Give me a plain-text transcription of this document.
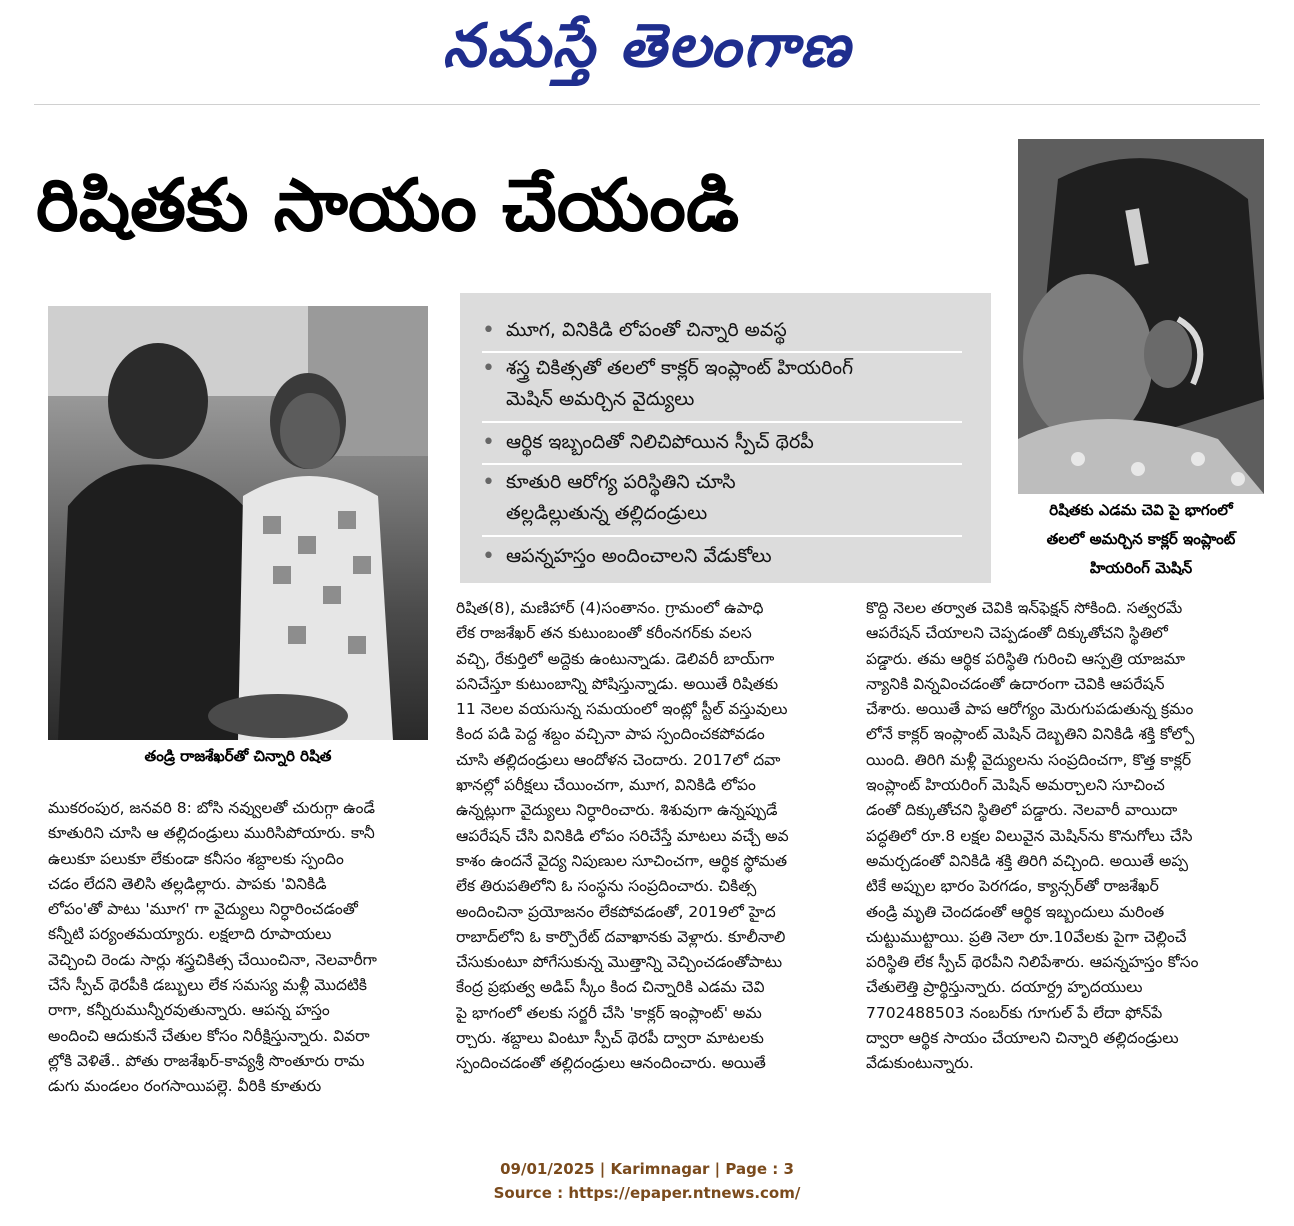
నమస్తే తెలంగాణ
రిషితకు సాయం చేయండి
తండ్రి రాజశేఖర్‌తో చిన్నారి రిషిత
రిషితకు ఎడమ చెవి పై భాగంలో
తలలో అమర్చిన కాక్లర్ ఇంప్లాంట్
హియరింగ్ మెషిన్
• మూగ, వినికిడి లోపంతో చిన్నారి అవస్థ
• శస్త్ర చికిత్సతో తలలో కాక్లర్ ఇంప్లాంట్ హియరింగ్
మెషిన్ అమర్చిన వైద్యులు
• ఆర్థిక ఇబ్బందితో నిలిచిపోయిన స్పీచ్ థెరపీ
• కూతురి ఆరోగ్య పరిస్థితిని చూసి
తల్లడిల్లుతున్న తల్లిదండ్రులు
• ఆపన్నహస్తం అందించాలని వేడుకోలు
ముకరంపుర, జనవరి 8: బోసి నవ్వులతో చురుగ్గా ఉండే
కూతురిని చూసి ఆ తల్లిదండ్రులు మురిసిపోయారు. కానీ
ఉలుకూ పలుకూ లేకుండా కనీసం శబ్దాలకు స్పందిం
చడం లేదని తెలిసి తల్లడిల్లారు. పాపకు 'వినికిడి
లోపం'తో పాటు 'మూగ' గా వైద్యులు నిర్ధారించడంతో
కన్నీటి పర్యంతమయ్యారు. లక్షలాది రూపాయలు
వెచ్చించి రెండు సార్లు శస్త్రచికిత్స చేయించినా, నెలవారీగా
చేసే స్పీచ్ థెరపీకి డబ్బులు లేక సమస్య మళ్లీ మొదటికి
రాగా, కన్నీరుమున్నీరవుతున్నారు. ఆపన్న హస్తం
అందించి ఆదుకునే చేతుల కోసం నిరీక్షిస్తున్నారు. వివరా
ల్లోకి వెళితే.. పోతు రాజశేఖర్-కావ్యశ్రీ సొంతూరు రామ
డుగు మండలం రంగసాయిపల్లె. వీరికి కూతురు
రిషిత(8), మణిహార్ (4)సంతానం. గ్రామంలో ఉపాధి
లేక రాజశేఖర్ తన కుటుంబంతో కరీంనగర్‌కు వలస
వచ్చి, రేకుర్తిలో అద్దెకు ఉంటున్నాడు. డెలివరీ బాయ్‌గా
పనిచేస్తూ కుటుంబాన్ని పోషిస్తున్నాడు. అయితే రిషితకు
11 నెలల వయసున్న సమయంలో ఇంట్లో స్టీల్ వస్తువులు
కింద పడి పెద్ద శబ్దం వచ్చినా పాప స్పందించకపోవడం
చూసి తల్లిదండ్రులు ఆందోళన చెందారు. 2017లో దవా
ఖానల్లో పరీక్షలు చేయించగా, మూగ, వినికిడి లోపం
ఉన్నట్లుగా వైద్యులు నిర్ధారించారు. శిశువుగా ఉన్నప్పుడే
ఆపరేషన్ చేసి వినికిడి లోపం సరిచేస్తే మాటలు వచ్చే అవ
కాశం ఉందనే వైద్య నిపుణుల సూచించగా, ఆర్థిక స్థోమత
లేక తిరుపతిలోని ఓ సంస్థను సంప్రదించారు. చికిత్స
అందించినా ప్రయోజనం లేకపోవడంతో, 2019లో హైద
రాబాద్‌లోని ఓ కార్పొరేట్ దవాఖానకు వెళ్లారు. కూలీనాలి
చేసుకుంటూ పోగేసుకున్న మొత్తాన్ని వెచ్చించడంతోపాటు
కేంద్ర ప్రభుత్వ అడిప్ స్కీం కింద చిన్నారికి ఎడమ చెవి
పై భాగంలో తలకు సర్జరీ చేసి 'కాక్లర్ ఇంప్లాంట్' అమ
ర్చారు. శబ్దాలు వింటూ స్పీచ్ థెరపీ ద్వారా మాటలకు
స్పందించడంతో తల్లిదండ్రులు ఆనందించారు. అయితే
కొద్ది నెలల తర్వాత చెవికి ఇన్‌ఫెక్షన్ సోకింది. సత్వరమే
ఆపరేషన్ చేయాలని చెప్పడంతో దిక్కుతోచని స్థితిలో
పడ్డారు. తమ ఆర్థిక పరిస్థితి గురించి ఆస్పత్రి యాజమా
న్యానికి విన్నవించడంతో ఉదారంగా చెవికి ఆపరేషన్
చేశారు. అయితే పాప ఆరోగ్యం మెరుగుపడుతున్న క్రమం
లోనే కాక్లర్ ఇంప్లాంట్ మెషిన్ దెబ్బతిని వినికిడి శక్తి కోల్పో
యింది. తిరిగి మళ్లీ వైద్యులను సంప్రదించగా, కొత్త కాక్లర్
ఇంప్లాంట్ హియరింగ్ మెషిన్ అమర్చాలని సూచించ
డంతో దిక్కుతోచని స్థితిలో పడ్డారు. నెలవారీ వాయిదా
పద్ధతిలో రూ.8 లక్షల విలువైన మెషిన్‌ను కొనుగోలు చేసి
అమర్చడంతో వినికిడి శక్తి తిరిగి వచ్చింది. అయితే అప్ప
టికే అప్పుల భారం పెరగడం, క్యాన్సర్‌తో రాజశేఖర్
తండ్రి మృతి చెందడంతో ఆర్థిక ఇబ్బందులు మరింత
చుట్టుముట్టాయి. ప్రతి నెలా రూ.10వేలకు పైగా చెల్లించే
పరిస్థితి లేక స్పీచ్ థెరపీని నిలిపేశారు. ఆపన్నహస్తం కోసం
చేతులెత్తి ప్రార్థిస్తున్నారు. దయార్ద్ర హృదయులు
7702488503 నంబర్‌కు గూగుల్ పే లేదా ఫోన్‌పే
ద్వారా ఆర్థిక సాయం చేయాలని చిన్నారి తల్లిదండ్రులు
వేడుకుంటున్నారు.
09/01/2025 | Karimnagar | Page : 3
Source : https://epaper.ntnews.com/
